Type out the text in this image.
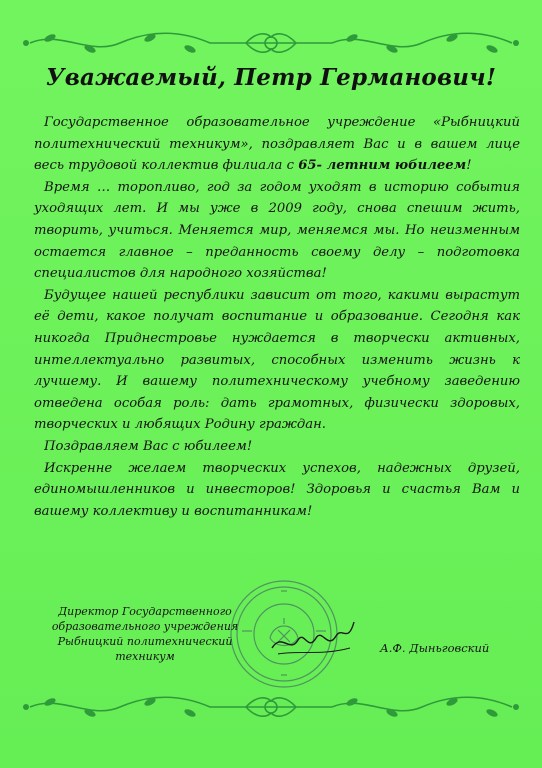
Уважаемый, Петр Германович!

Государственное образовательное учреждение «Рыбницкий политехнический техникум», поздравляет Вас и в вашем лице весь трудовой коллектив филиала с 65- летним юбилеем!

Время … торопливо, год за годом уходят в историю события уходящих лет. И мы уже в 2009 году, снова спешим жить, творить, учиться. Меняется мир, меняемся мы. Но неизменным остается главное – преданность своему делу – подготовка специалистов для народного хозяйства!

Будущее нашей республики зависит от того, какими вырастут её дети, какое получат воспитание и образование. Сегодня как никогда Приднестровье нуждается в творчески активных, интеллектуально развитых, способных изменить жизнь к лучшему. И вашему политехническому учебному заведению отведена особая роль: дать грамотных, физически здоровых, творческих и любящих Родину граждан.

Поздравляем Вас с юбилеем!

Искренне желаем творческих успехов, надежных друзей, единомышленников и инвесторов! Здоровья и счастья Вам и вашему коллективу и воспитанникам!

Директор Государственного
образовательного учреждения
Рыбницкий политехнический техникум
А.Ф. Дыньговский
